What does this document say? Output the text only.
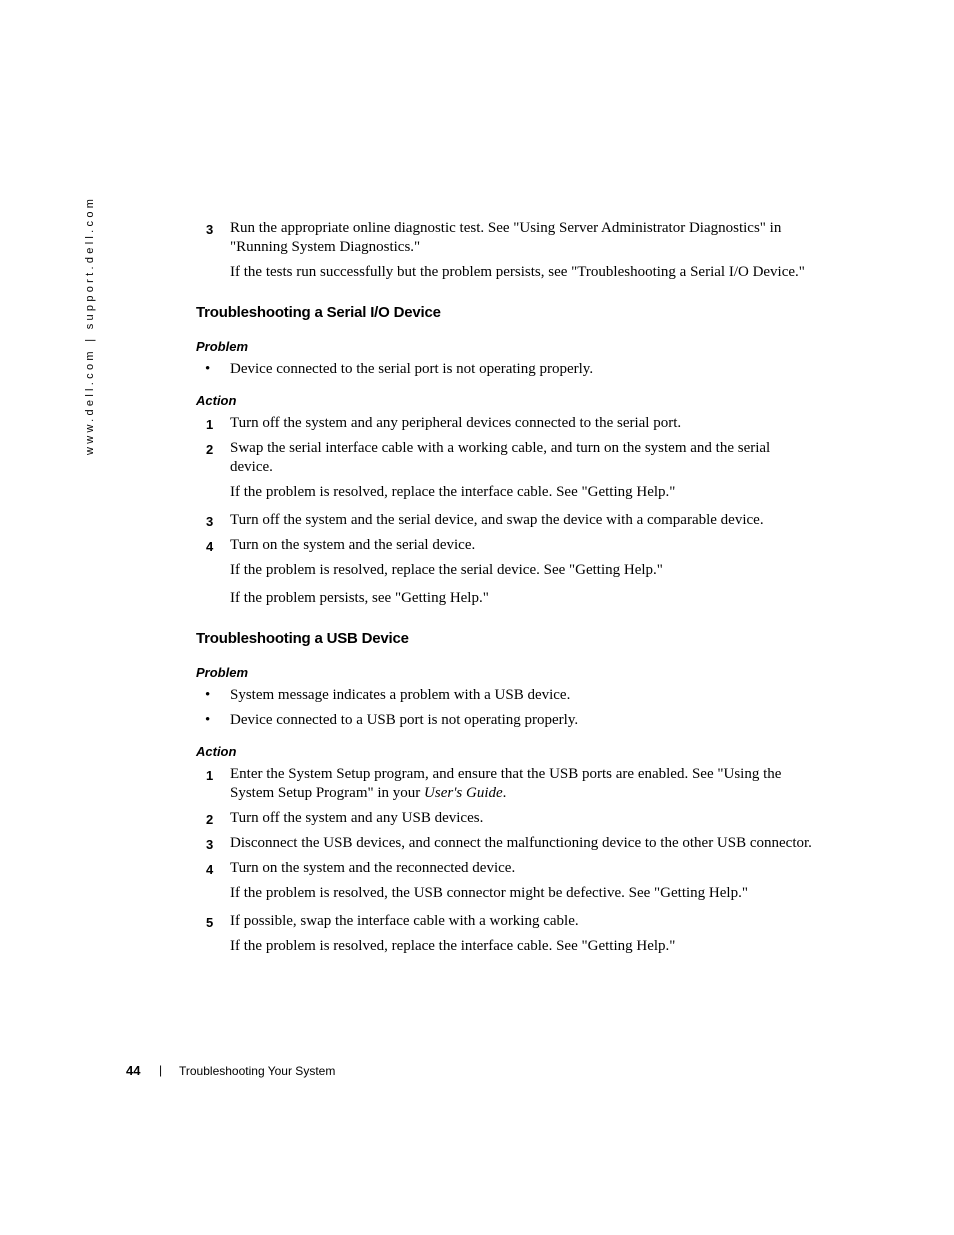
www.dell.com | support.dell.com	3 Run the appropriate online diagnostic test. See "Using Server Administrator Diagnostics" in "Running System Diagnostics."
If the tests run successfully but the problem persists, see "Troubleshooting a Serial I/O Device."
Troubleshooting a Serial I/O Device
Problem
• Device connected to the serial port is not operating properly.
Action
1 Turn off the system and any peripheral devices connected to the serial port.
2 Swap the serial interface cable with a working cable, and turn on the system and the serial device.
If the problem is resolved, replace the interface cable. See "Getting Help."
3 Turn off the system and the serial device, and swap the device with a comparable device.
4 Turn on the system and the serial device.
If the problem is resolved, replace the serial device. See "Getting Help."
If the problem persists, see "Getting Help."
Troubleshooting a USB Device
Problem
• System message indicates a problem with a USB device.
• Device connected to a USB port is not operating properly.
Action
1 Enter the System Setup program, and ensure that the USB ports are enabled. See "Using the System Setup Program" in your User's Guide.
2 Turn off the system and any USB devices.
3 Disconnect the USB devices, and connect the malfunctioning device to the other USB connector.
4 Turn on the system and the reconnected device.
If the problem is resolved, the USB connector might be defective. See "Getting Help."
5 If possible, swap the interface cable with a working cable.
If the problem is resolved, replace the interface cable. See "Getting Help."
44 | Troubleshooting Your System
